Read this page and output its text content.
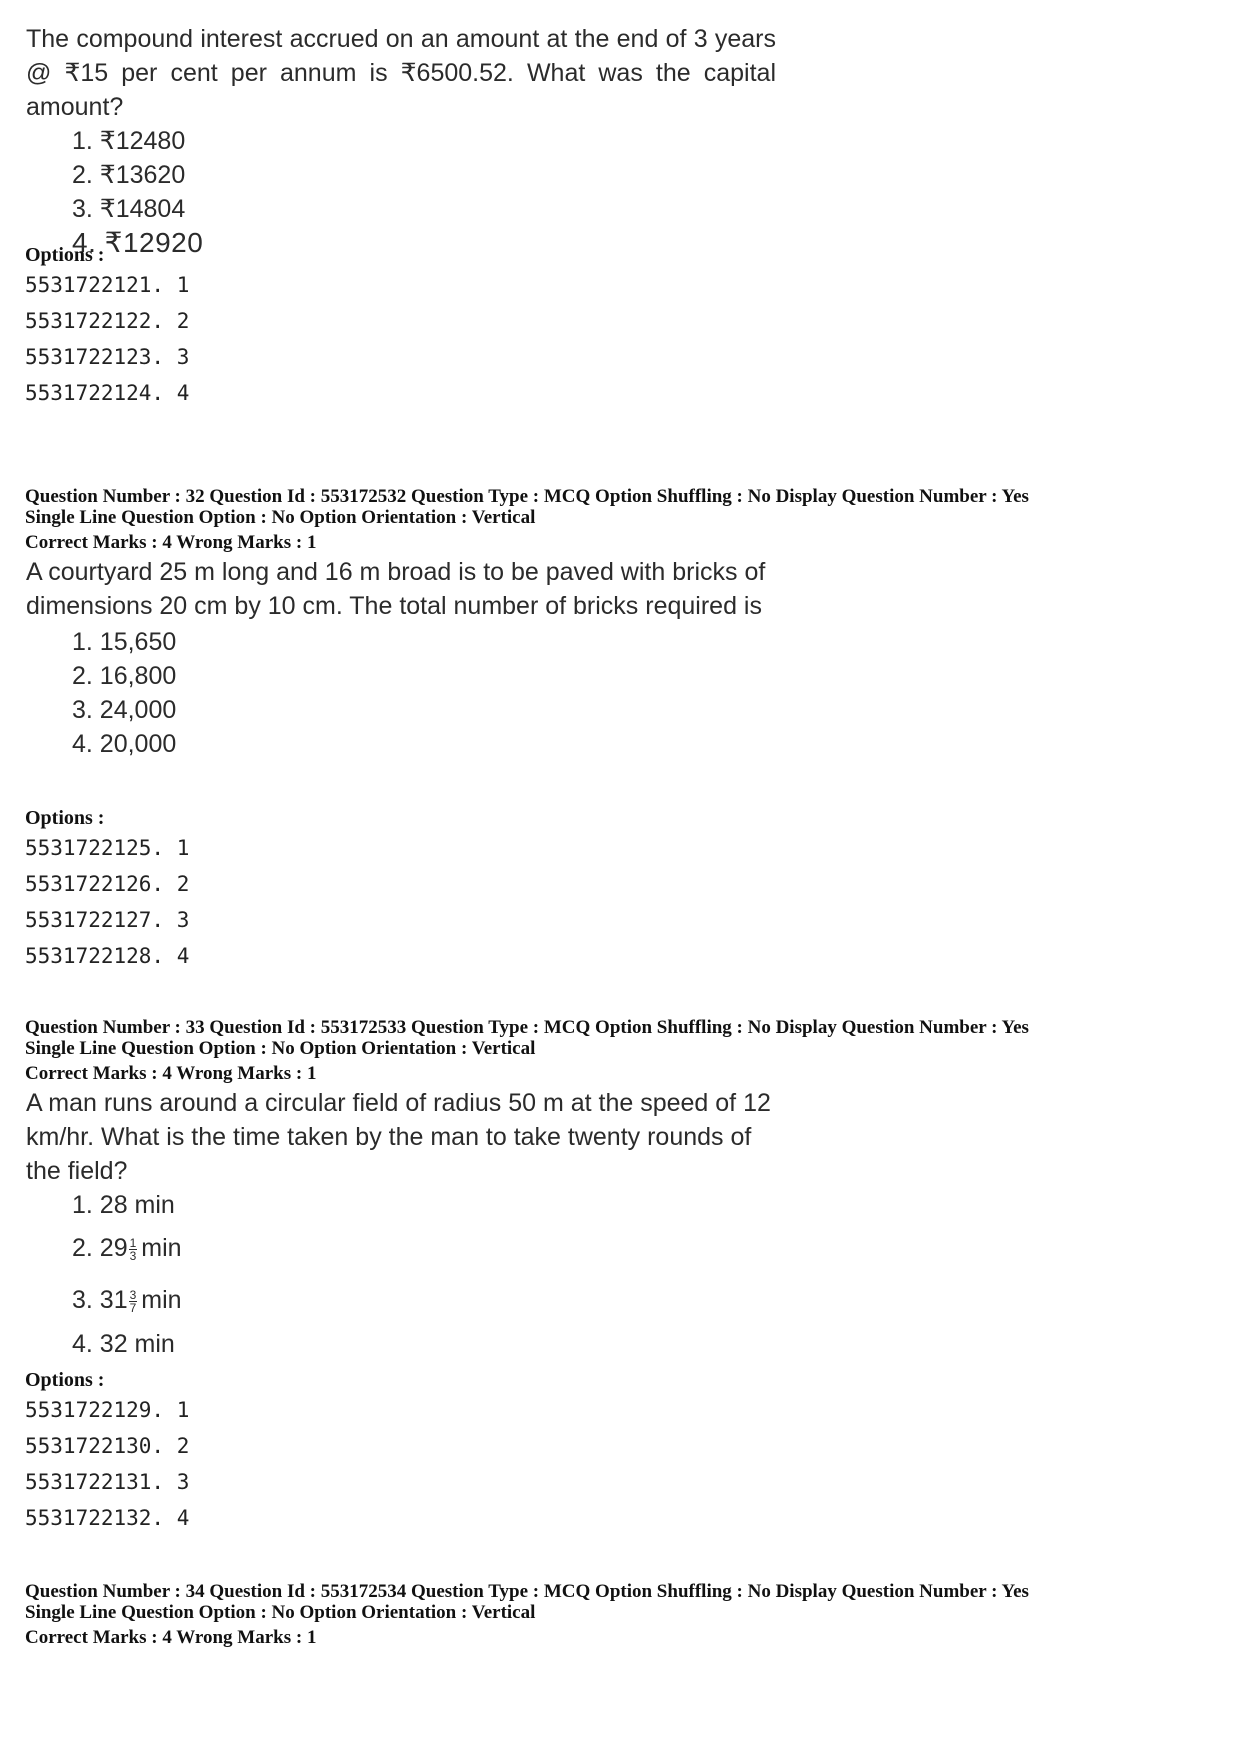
The compound interest accrued on an amount at the end of 3 years @ ₹15 per cent per annum is ₹6500.52. What was the capital amount?

1. ₹12480
2. ₹13620
3. ₹14804
4. ₹12920
Options :
5531722121. 1
5531722122. 2
5531722123. 3
5531722124. 4
Question Number : 32 Question Id : 553172532 Question Type : MCQ Option Shuffling : No Display Question Number : Yes
Single Line Question Option : No Option Orientation : Vertical
Correct Marks : 4 Wrong Marks : 1

A courtyard 25 m long and 16 m broad is to be paved with bricks of dimensions 20 cm by 10 cm. The total number of bricks required is

1. 15,650
2. 16,800
3. 24,000
4. 20,000
Options :
5531722125. 1
5531722126. 2
5531722127. 3
5531722128. 4
Question Number : 33 Question Id : 553172533 Question Type : MCQ Option Shuffling : No Display Question Number : Yes
Single Line Question Option : No Option Orientation : Vertical
Correct Marks : 4 Wrong Marks : 1

A man runs around a circular field of radius 50 m at the speed of 12 km/hr. What is the time taken by the man to take twenty rounds of the field?

1. 28 min
2. $29 \frac{1}{3}$ min
3. $31 \frac{3}{7}$ min
4. 32 min
Options :
5531722129. 1
5531722130. 2
5531722131. 3
5531722132. 4
Question Number : 34 Question Id : 553172534 Question Type : MCQ Option Shuffling : No Display Question Number : Yes
Single Line Question Option : No Option Orientation : Vertical
Correct Marks : 4 Wrong Marks : 1
